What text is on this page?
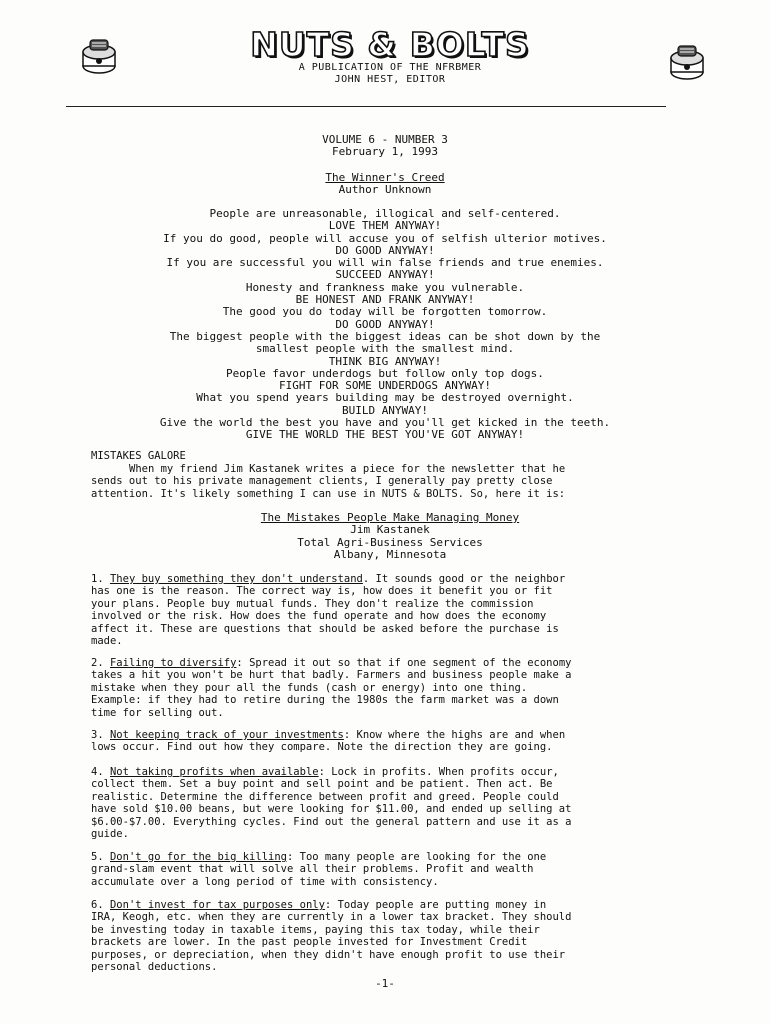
NUTS & BOLTS
A PUBLICATION OF THE NFRBMER
JOHN HEST, EDITOR
VOLUME 6 - NUMBER 3
February 1, 1993
The Winner's Creed
Author Unknown
People are unreasonable, illogical and self-centered.
LOVE THEM ANYWAY!
If you do good, people will accuse you of selfish ulterior motives.
DO GOOD ANYWAY!
If you are successful you will win false friends and true enemies.
SUCCEED ANYWAY!
Honesty and frankness make you vulnerable.
BE HONEST AND FRANK ANYWAY!
The good you do today will be forgotten tomorrow.
DO GOOD ANYWAY!
The biggest people with the biggest ideas can be shot down by the
smallest people with the smallest mind.
THINK BIG ANYWAY!
People favor underdogs but follow only top dogs.
FIGHT FOR SOME UNDERDOGS ANYWAY!
What you spend years building may be destroyed overnight.
BUILD ANYWAY!
Give the world the best you have and you'll get kicked in the teeth.
GIVE THE WORLD THE BEST YOU'VE GOT ANYWAY!
MISTAKES GALORE
When my friend Jim Kastanek writes a piece for the newsletter that he
sends out to his private management clients, I generally pay pretty close
attention. It's likely something I can use in NUTS & BOLTS. So, here it is:
The Mistakes People Make Managing Money
Jim Kastanek
Total Agri-Business Services
Albany, Minnesota
1. They buy something they don't understand. It sounds good or the neighbor
has one is the reason. The correct way is, how does it benefit you or fit
your plans. People buy mutual funds. They don't realize the commission
involved or the risk. How does the fund operate and how does the economy
affect it. These are questions that should be asked before the purchase is
made.
2. Failing to diversify: Spread it out so that if one segment of the economy
takes a hit you won't be hurt that badly. Farmers and business people make a
mistake when they pour all the funds (cash or energy) into one thing.
Example: if they had to retire during the 1980s the farm market was a down
time for selling out.
3. Not keeping track of your investments: Know where the highs are and when
lows occur. Find out how they compare. Note the direction they are going.
4. Not taking profits when available: Lock in profits. When profits occur,
collect them. Set a buy point and sell point and be patient. Then act. Be
realistic. Determine the difference between profit and greed. People could
have sold $10.00 beans, but were looking for $11.00, and ended up selling at
$6.00-$7.00. Everything cycles. Find out the general pattern and use it as a
guide.
5. Don't go for the big killing: Too many people are looking for the one
grand-slam event that will solve all their problems. Profit and wealth
accumulate over a long period of time with consistency.
6. Don't invest for tax purposes only: Today people are putting money in
IRA, Keogh, etc. when they are currently in a lower tax bracket. They should
be investing today in taxable items, paying this tax today, while their
brackets are lower. In the past people invested for Investment Credit
purposes, or depreciation, when they didn't have enough profit to use their
personal deductions.
-1-
